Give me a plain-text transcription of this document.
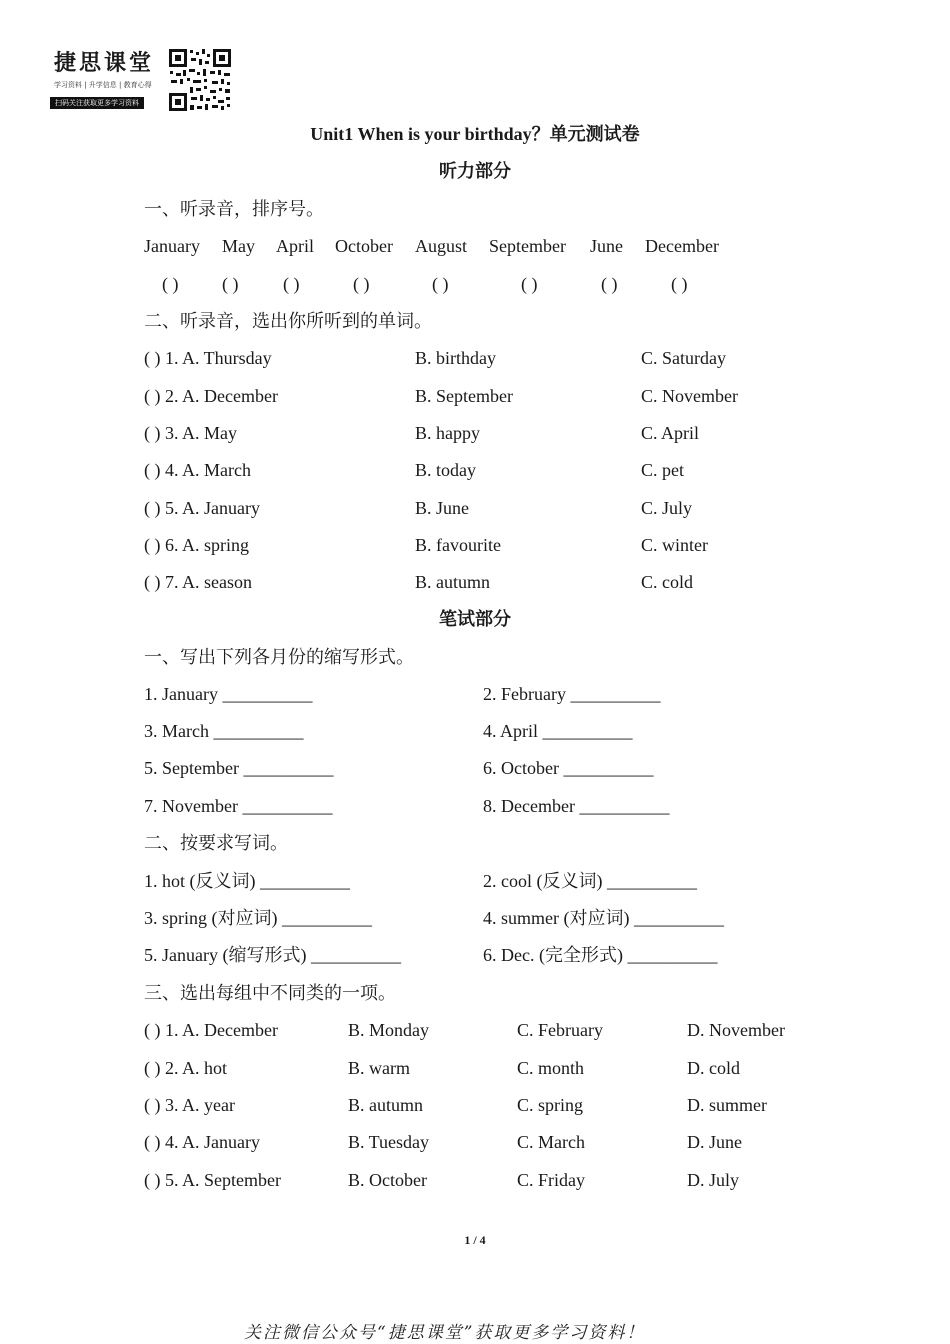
捷思课堂
学习资料 | 升学信息 | 教育心得
扫码关注获取更多学习资料
Unit1 When is your birthday？单元测试卷
听力部分
一、听录音，排序号。
January May April October August September June December
( ) ( ) ( )	( )	( )	( )	( )	( )
二、听录音，选出你所听到的单词。
( ) 1. A. Thursday	B. birthday	C. Saturday
( ) 2. A. December	B. September	C. November
( ) 3. A. May	B. happy	C. April
( ) 4. A. March	B. today	C. pet
( ) 5. A. January	B. June	C. July
( ) 6. A. spring	B. favourite	C. winter
( ) 7. A. season	B. autumn	C. cold
笔试部分
一、写出下列各月份的缩写形式。
1. January __________	2. February __________
3. March __________	4. April __________
5. September __________	6. October __________
7. November __________	8. December __________
二、按要求写词。
1. hot (反义词) __________	2. cool (反义词) __________
3. spring (对应词) __________	4. summer (对应词) __________
5. January (缩写形式) __________	6. Dec. (完全形式) __________
三、选出每组中不同类的一项。
( ) 1. A. December	B. Monday	C. February	D. November
( ) 2. A. hot	B. warm	C. month	D. cold
( ) 3. A. year	B. autumn	C. spring	D. summer
( ) 4. A. January	B. Tuesday	C. March	D. June
( ) 5. A. September	B. October	C. Friday	D. July
1 / 4
关注微信公众号“捷思课堂”获取更多学习资料！
